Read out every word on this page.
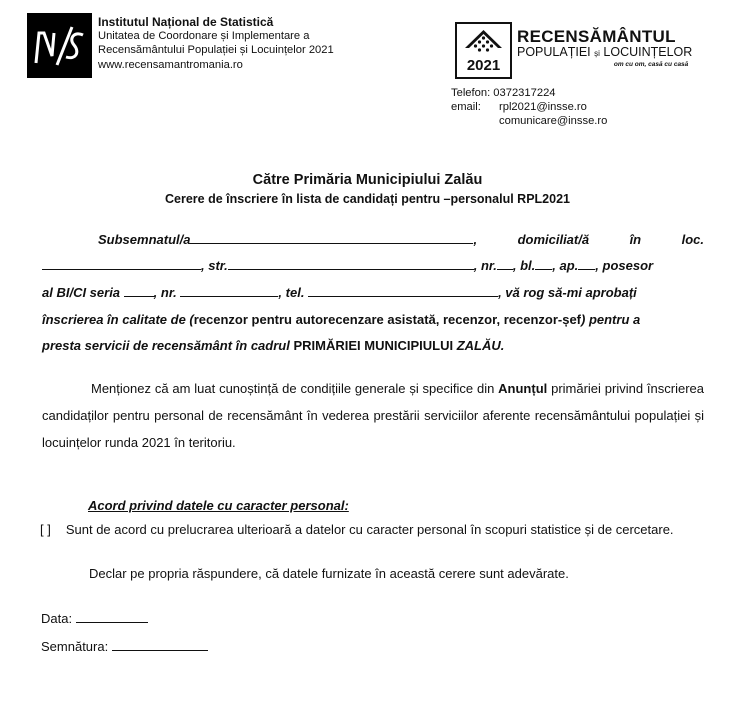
Institutul Național de Statistică
Unitatea de Coordonare și Implementare a
Recensământului Populației și Locuințelor 2021
www.recensamantromania.ro	2021
RECENSĂMÂNTUL
POPULAȚIEI și LOCUINȚELOR
om cu om, casă cu casă
Telefon: 0372317224
email: rpl2021@insse.ro
comunicare@insse.ro
Către Primăria Municipiului Zalău
Cerere de înscriere în lista de candidați pentru –personalul RPL2021
Subsemnatul/a	,	domiciliat/ă	în	loc.
, str.	, nr. , bl. , ap. , posesor
al BI/CI seria	, nr.	, tel.	, vă rog să-mi aprobați
înscrierea în calitate de (recenzor pentru autorecenzare asistată, recenzor, recenzor-șef) pentru a
presta servicii de recensământ în cadrul PRIMĂRIEI MUNICIPIULUI ZALĂU.
Menționez că am luat cunoștință de condițiile generale și specifice din Anunțul primăriei privind înscrierea candidaților pentru personal de recensământ în vederea prestării serviciilor aferente recensământului populației și locuințelor runda 2021 în teritoriu.
Acord privind datele cu caracter personal:
[ ] Sunt de acord cu prelucrarea ulterioară a datelor cu caracter personal în scopuri statistice și de cercetare.
Declar pe propria răspundere, că datele furnizate în această cerere sunt adevărate.
Data:
Semnătura:
